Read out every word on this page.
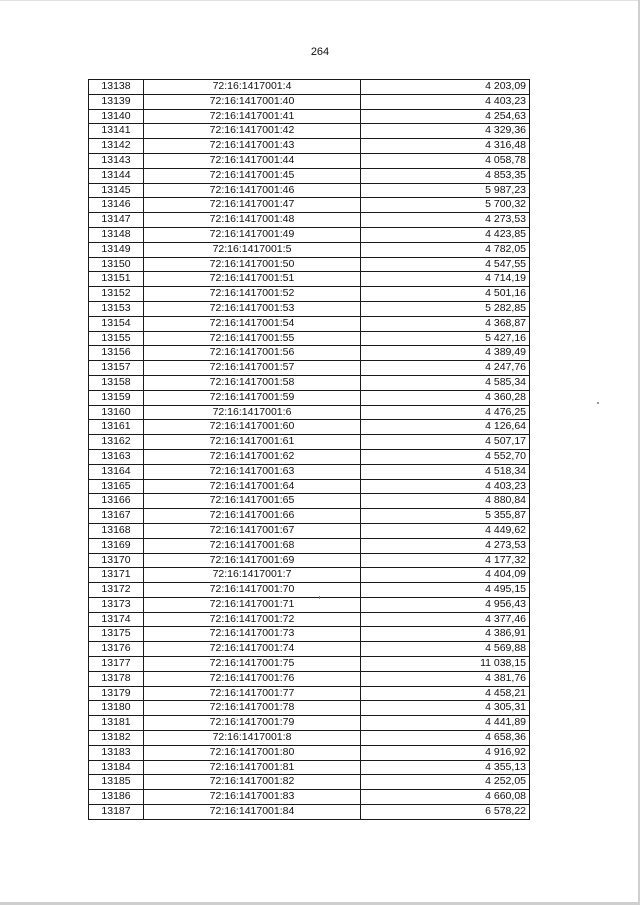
264
13138	72:16:1417001:4	4 203,09
13139	72:16:1417001:40	4 403,23
13140	72:16:1417001:41	4 254,63
13141	72:16:1417001:42	4 329,36
13142	72:16:1417001:43	4 316,48
13143	72:16:1417001:44	4 058,78
13144	72:16:1417001:45	4 853,35
13145	72:16:1417001:46	5 987,23
13146	72:16:1417001:47	5 700,32
13147	72:16:1417001:48	4 273,53
13148	72:16:1417001:49	4 423,85
13149	72:16:1417001:5	4 782,05
13150	72:16:1417001:50	4 547,55
13151	72:16:1417001:51	4 714,19
13152	72:16:1417001:52	4 501,16
13153	72:16:1417001:53	5 282,85
13154	72:16:1417001:54	4 368,87
13155	72:16:1417001:55	5 427,16
13156	72:16:1417001:56	4 389,49
13157	72:16:1417001:57	4 247,76
13158	72:16:1417001:58	4 585,34
13159	72:16:1417001:59	4 360,28
13160	72:16:1417001:6	4 476,25
13161	72:16:1417001:60	4 126,64
13162	72:16:1417001:61	4 507,17
13163	72:16:1417001:62	4 552,70
13164	72:16:1417001:63	4 518,34
13165	72:16:1417001:64	4 403,23
13166	72:16:1417001:65	4 880,84
13167	72:16:1417001:66	5 355,87
13168	72:16:1417001:67	4 449,62
13169	72:16:1417001:68	4 273,53
13170	72:16:1417001:69	4 177,32
13171	72:16:1417001:7	4 404,09
13172	72:16:1417001:70	4 495,15
13173	72:16:1417001:71	4 956,43
13174	72:16:1417001:72	4 377,46
13175	72:16:1417001:73	4 386,91
13176	72:16:1417001:74	4 569,88
13177	72:16:1417001:75	11 038,15
13178	72:16:1417001:76	4 381,76
13179	72:16:1417001:77	4 458,21
13180	72:16:1417001:78	4 305,31
13181	72:16:1417001:79	4 441,89
13182	72:16:1417001:8	4 658,36
13183	72:16:1417001:80	4 916,92
13184	72:16:1417001:81	4 355,13
13185	72:16:1417001:82	4 252,05
13186	72:16:1417001:83	4 660,08
13187	72:16:1417001:84	6 578,22
